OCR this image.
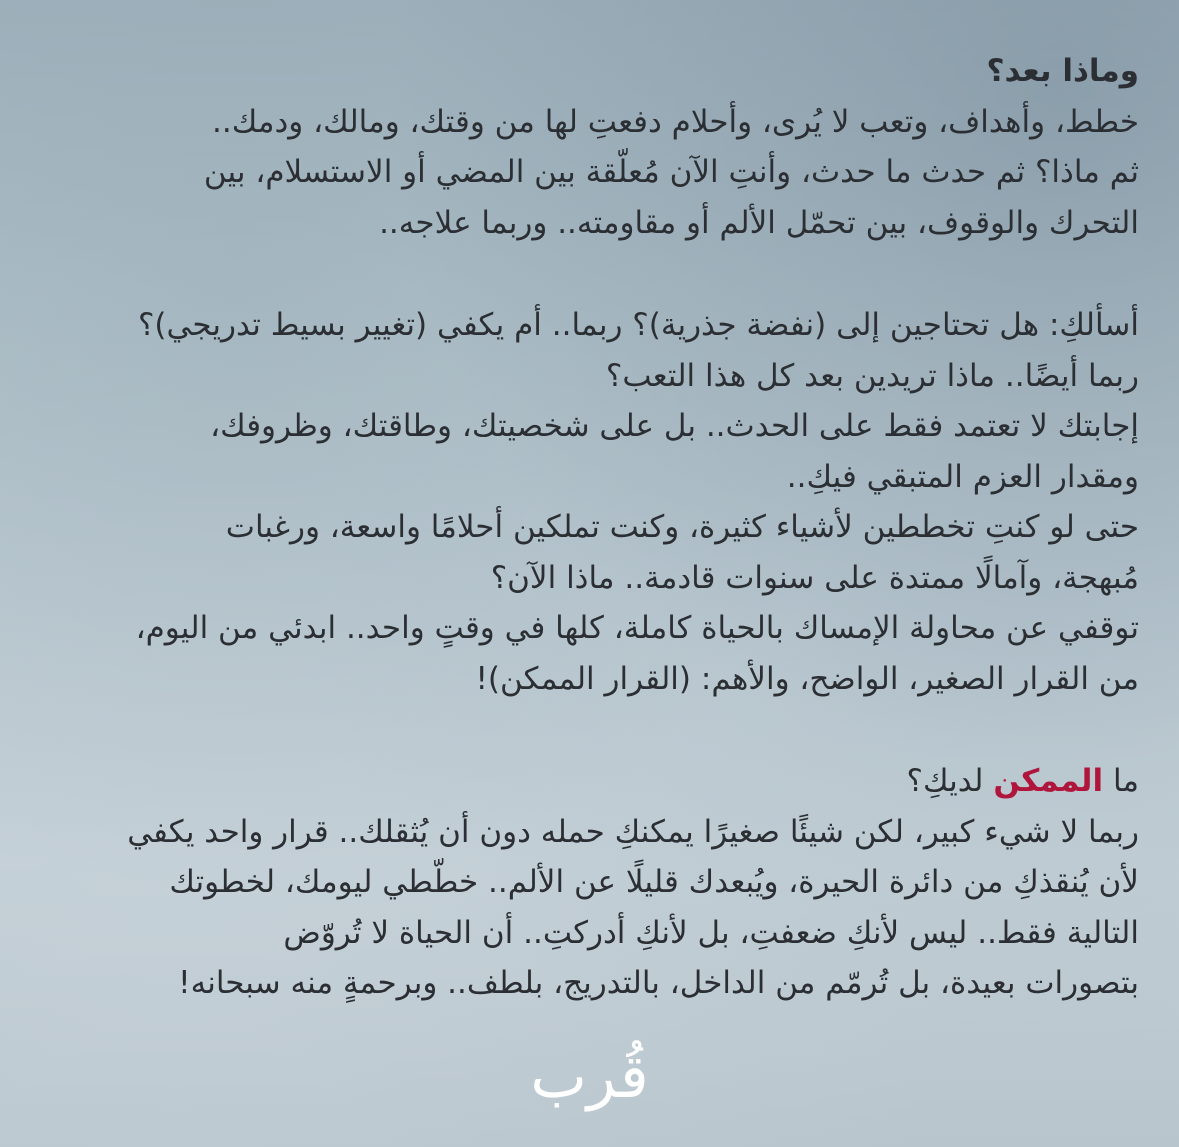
وماذا بعد؟

خطط، وأهداف، وتعب لا يُرى، وأحلام دفعتِ لها من وقتك، ومالك، ودمك..

ثم ماذا؟ ثم حدث ما حدث، وأنتِ الآن مُعلّقة بين المضي أو الاستسلام، بين

التحرك والوقوف، بين تحمّل الألم أو مقاومته.. وربما علاجه..

أسألكِ: هل تحتاجين إلى (نفضة جذرية)؟ ربما.. أم يكفي (تغيير بسيط تدريجي)؟

ربما أيضًا.. ماذا تريدين بعد كل هذا التعب؟

إجابتك لا تعتمد فقط على الحدث.. بل على شخصيتك، وطاقتك، وظروفك،

ومقدار العزم المتبقي فيكِ..

حتى لو كنتِ تخططين لأشياء كثيرة، وكنت تملكين أحلامًا واسعة، ورغبات

مُبهجة، وآمالًا ممتدة على سنوات قادمة.. ماذا الآن؟

توقفي عن محاولة الإمساك بالحياة كاملة، كلها في وقتٍ واحد.. ابدئي من اليوم،

من القرار الصغير، الواضح، والأهم: (القرار الممكن)!

ما الممكن لديكِ؟

ربما لا شيء كبير، لكن شيئًا صغيرًا يمكنكِ حمله دون أن يُثقلك.. قرار واحد يكفي

لأن يُنقذكِ من دائرة الحيرة، ويُبعدك قليلًا عن الألم.. خطّطي ليومك، لخطوتك

التالية فقط.. ليس لأنكِ ضعفتِ، بل لأنكِ أدركتِ.. أن الحياة لا تُروّض

بتصورات بعيدة، بل تُرمّم من الداخل، بالتدريج، بلطف.. وبرحمةٍ منه سبحانه!

قُرب
